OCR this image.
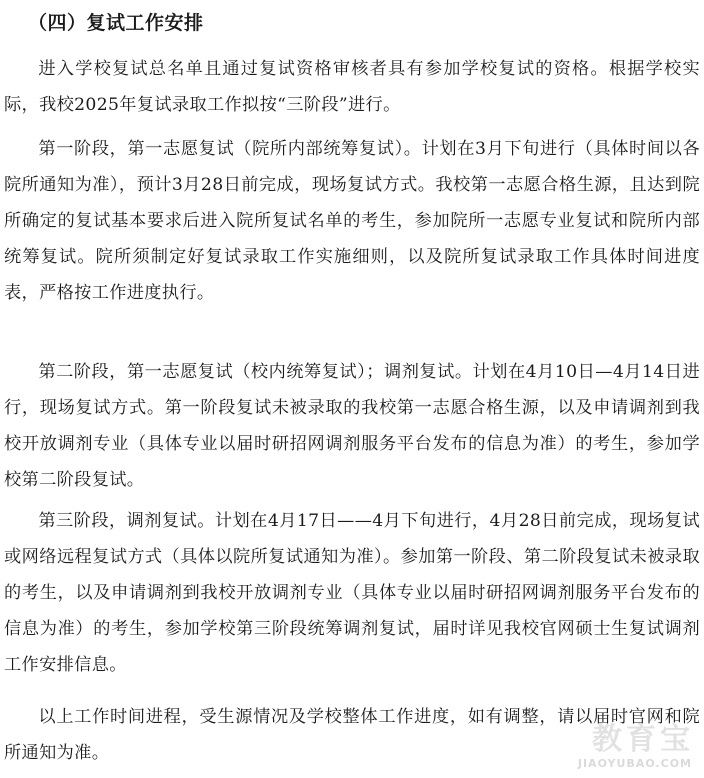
（四）复试工作安排

进入学校复试总名单且通过复试资格审核者具有参加学校复试的资格。根据学校实际，我校2025年复试录取工作拟按“三阶段”进行。

第一阶段，第一志愿复试（院所内部统筹复试）。计划在3月下旬进行（具体时间以各院所通知为准），预计3月28日前完成，现场复试方式。我校第一志愿合格生源，且达到院所确定的复试基本要求后进入院所复试名单的考生，参加院所一志愿专业复试和院所内部统筹复试。院所须制定好复试录取工作实施细则，以及院所复试录取工作具体时间进度表，严格按工作进度执行。

第二阶段，第一志愿复试（校内统筹复试）；调剂复试。计划在4月10日—4月14日进行，现场复试方式。第一阶段复试未被录取的我校第一志愿合格生源，以及申请调剂到我校开放调剂专业（具体专业以届时研招网调剂服务平台发布的信息为准）的考生，参加学校第二阶段复试。

第三阶段，调剂复试。计划在4月17日——4月下旬进行，4月28日前完成，现场复试或网络远程复试方式（具体以院所复试通知为准）。参加第一阶段、第二阶段复试未被录取的考生，以及申请调剂到我校开放调剂专业（具体专业以届时研招网调剂服务平台发布的信息为准）的考生，参加学校第三阶段统筹调剂复试，届时详见我校官网硕士生复试调剂工作安排信息。

以上工作时间进程，受生源情况及学校整体工作进度，如有调整，请以届时官网和院所通知为准。	教育宝
JIAOYUBAO.COM
